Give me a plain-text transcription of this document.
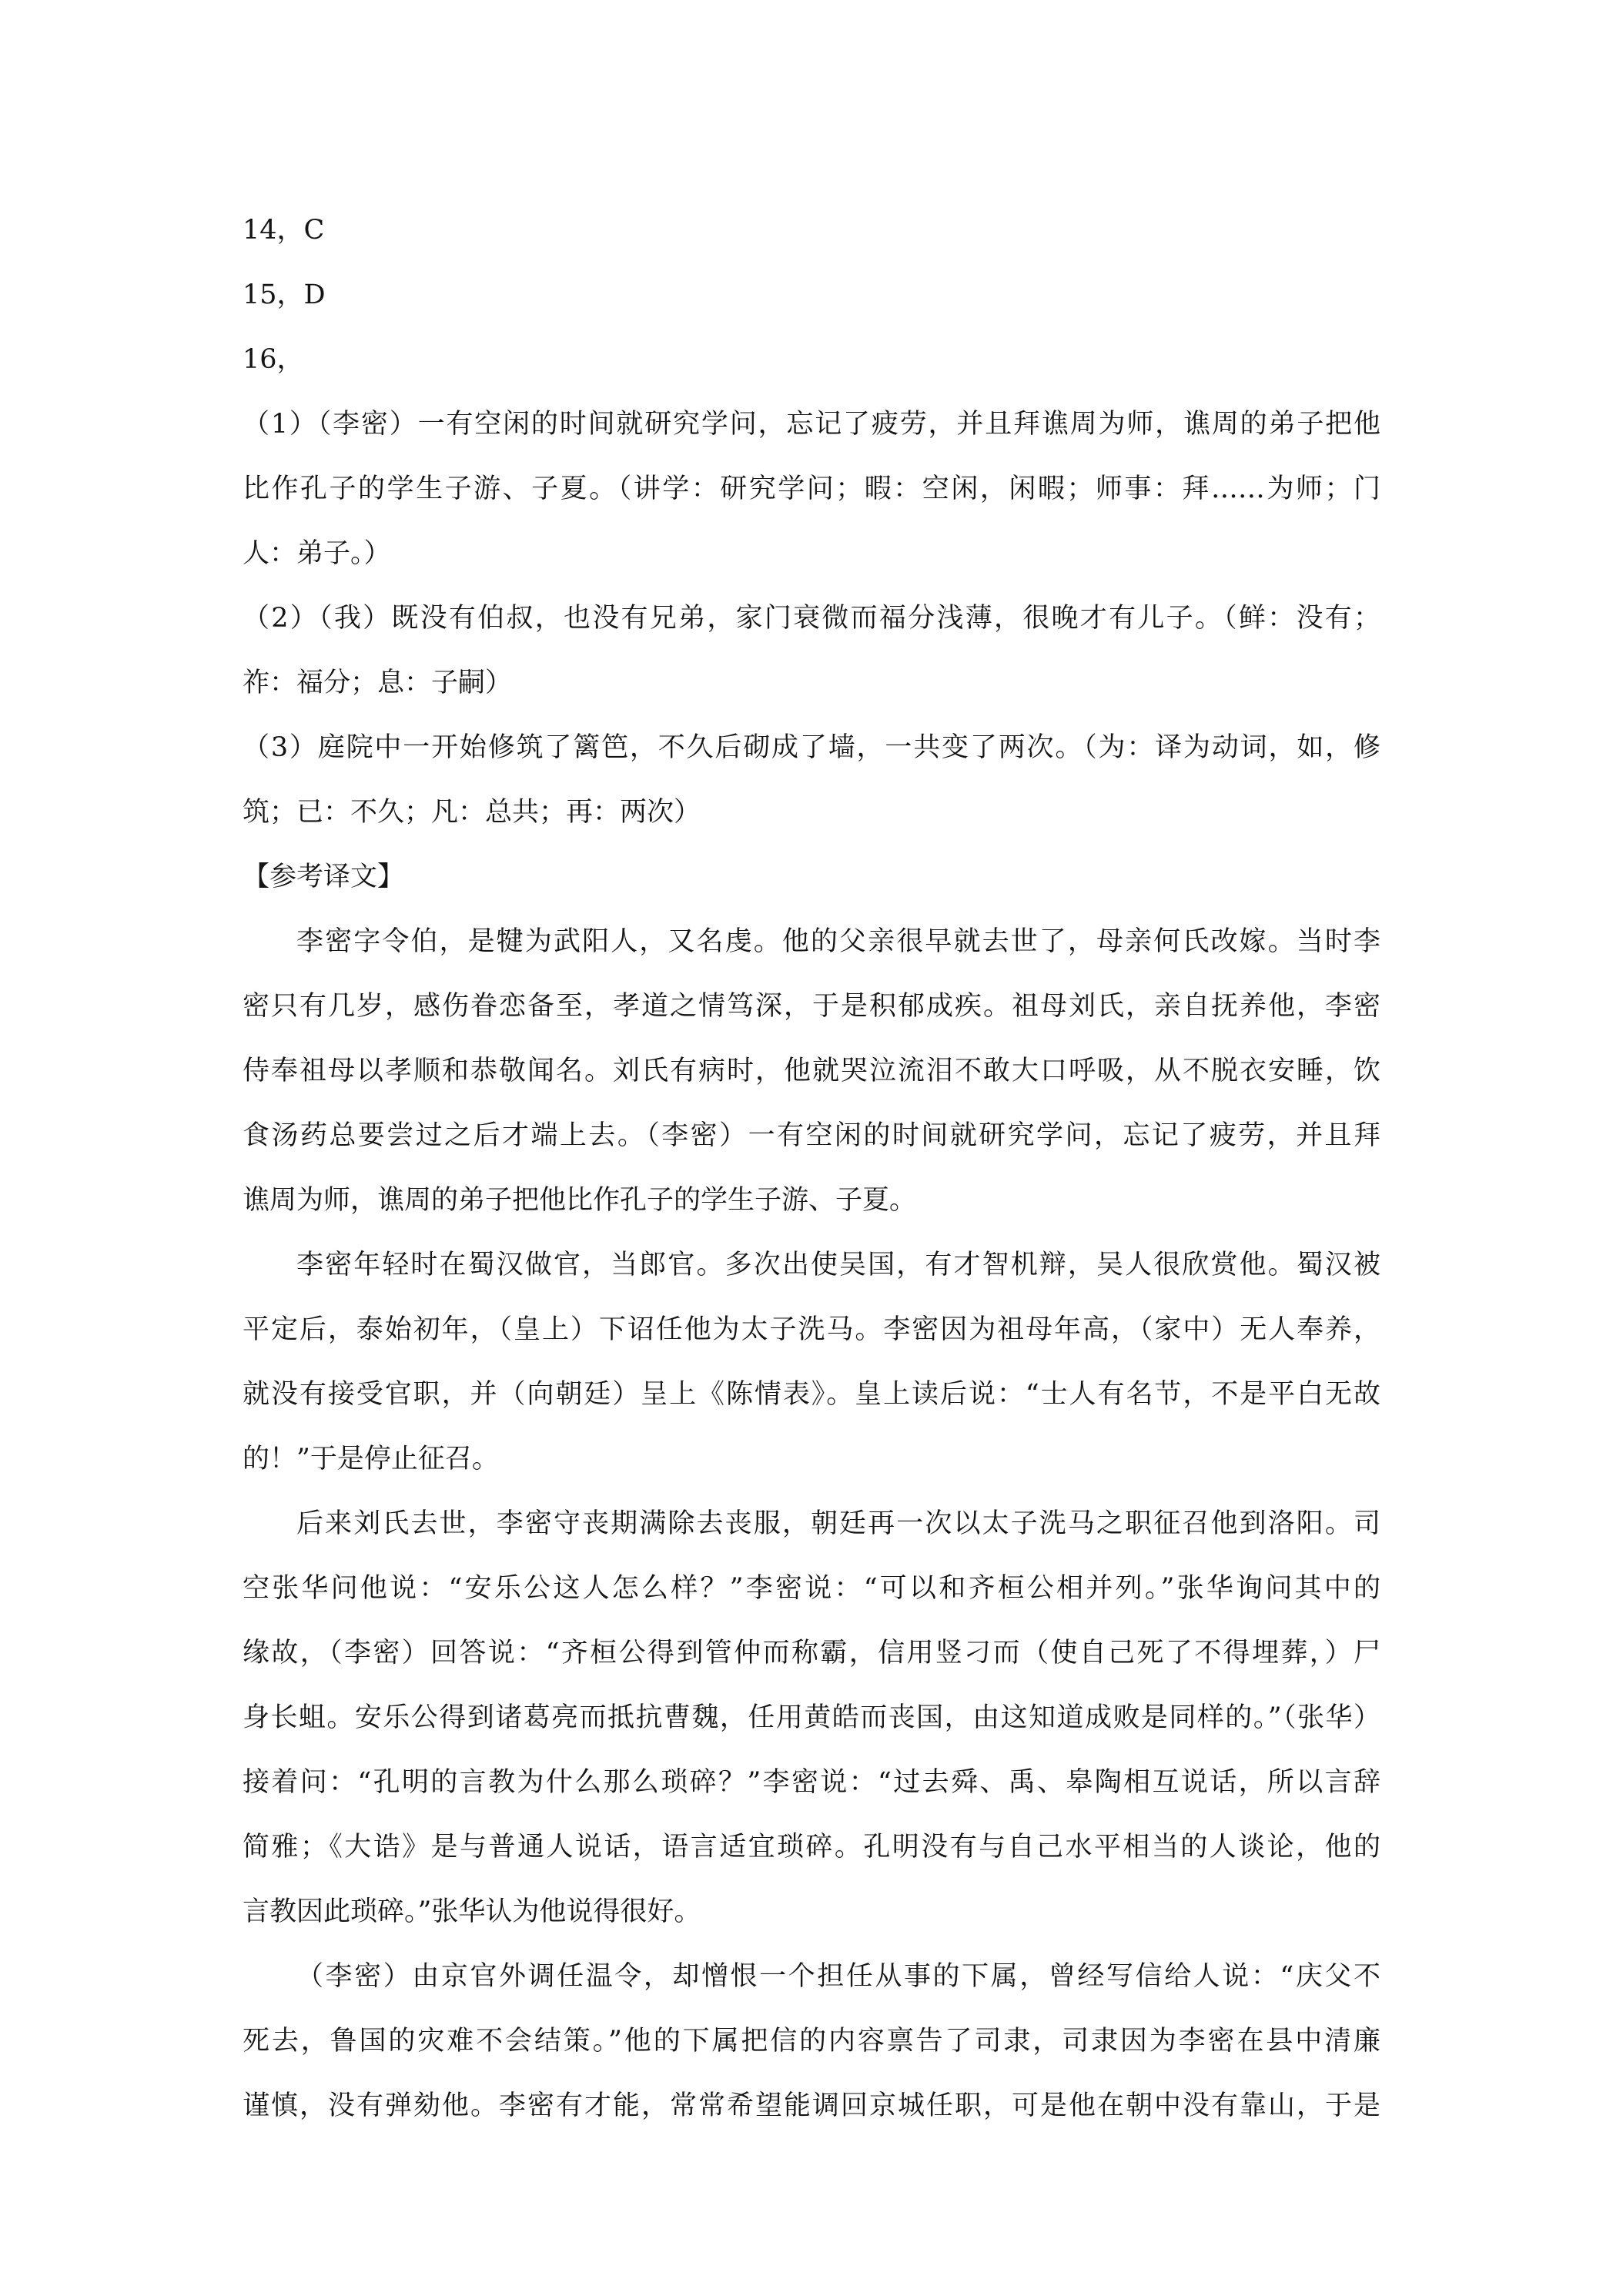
14，C
15，D
16，
（1）（李密）一有空闲的时间就研究学问，忘记了疲劳，并且拜谯周为师，谯周的弟子把他
比作孔子的学生子游、子夏。（讲学：研究学问；暇：空闲，闲暇；师事：拜……为师；门
人：弟子。）
（2）（我）既没有伯叔，也没有兄弟，家门衰微而福分浅薄，很晚才有儿子。（鲜：没有；
祚：福分；息：子嗣）
（3）庭院中一开始修筑了篱笆，不久后砌成了墙，一共变了两次。（为：译为动词，如，修
筑；已：不久；凡：总共；再：两次）
【参考译文】
李密字令伯，是犍为武阳人，又名虔。他的父亲很早就去世了，母亲何氏改嫁。当时李
密只有几岁，感伤眷恋备至，孝道之情笃深，于是积郁成疾。祖母刘氏，亲自抚养他，李密
侍奉祖母以孝顺和恭敬闻名。刘氏有病时，他就哭泣流泪不敢大口呼吸，从不脱衣安睡，饮
食汤药总要尝过之后才端上去。（李密）一有空闲的时间就研究学问，忘记了疲劳，并且拜
谯周为师，谯周的弟子把他比作孔子的学生子游、子夏。
李密年轻时在蜀汉做官，当郎官。多次出使吴国，有才智机辩，吴人很欣赏他。蜀汉被
平定后，泰始初年，（皇上）下诏任他为太子洗马。李密因为祖母年高，（家中）无人奉养，
就没有接受官职，并（向朝廷）呈上《陈情表》。皇上读后说：“士人有名节，不是平白无故
的！”于是停止征召。
后来刘氏去世，李密守丧期满除去丧服，朝廷再一次以太子洗马之职征召他到洛阳。司
空张华问他说：“安乐公这人怎么样？”李密说：“可以和齐桓公相并列。”张华询问其中的
缘故，（李密）回答说：“齐桓公得到管仲而称霸，信用竖刁而（使自己死了不得埋葬，）尸
身长蛆。安乐公得到诸葛亮而抵抗曹魏，任用黄皓而丧国，由这知道成败是同样的。”（张华）
接着问：“孔明的言教为什么那么琐碎？”李密说：“过去舜、禹、皋陶相互说话，所以言辞
简雅；《大诰》是与普通人说话，语言适宜琐碎。孔明没有与自己水平相当的人谈论，他的
言教因此琐碎。”张华认为他说得很好。
（李密）由京官外调任温令，却憎恨一个担任从事的下属，曾经写信给人说：“庆父不
死去，鲁国的灾难不会结策。”他的下属把信的内容禀告了司隶，司隶因为李密在县中清廉
谨慎，没有弹劾他。李密有才能，常常希望能调回京城任职，可是他在朝中没有靠山，于是
